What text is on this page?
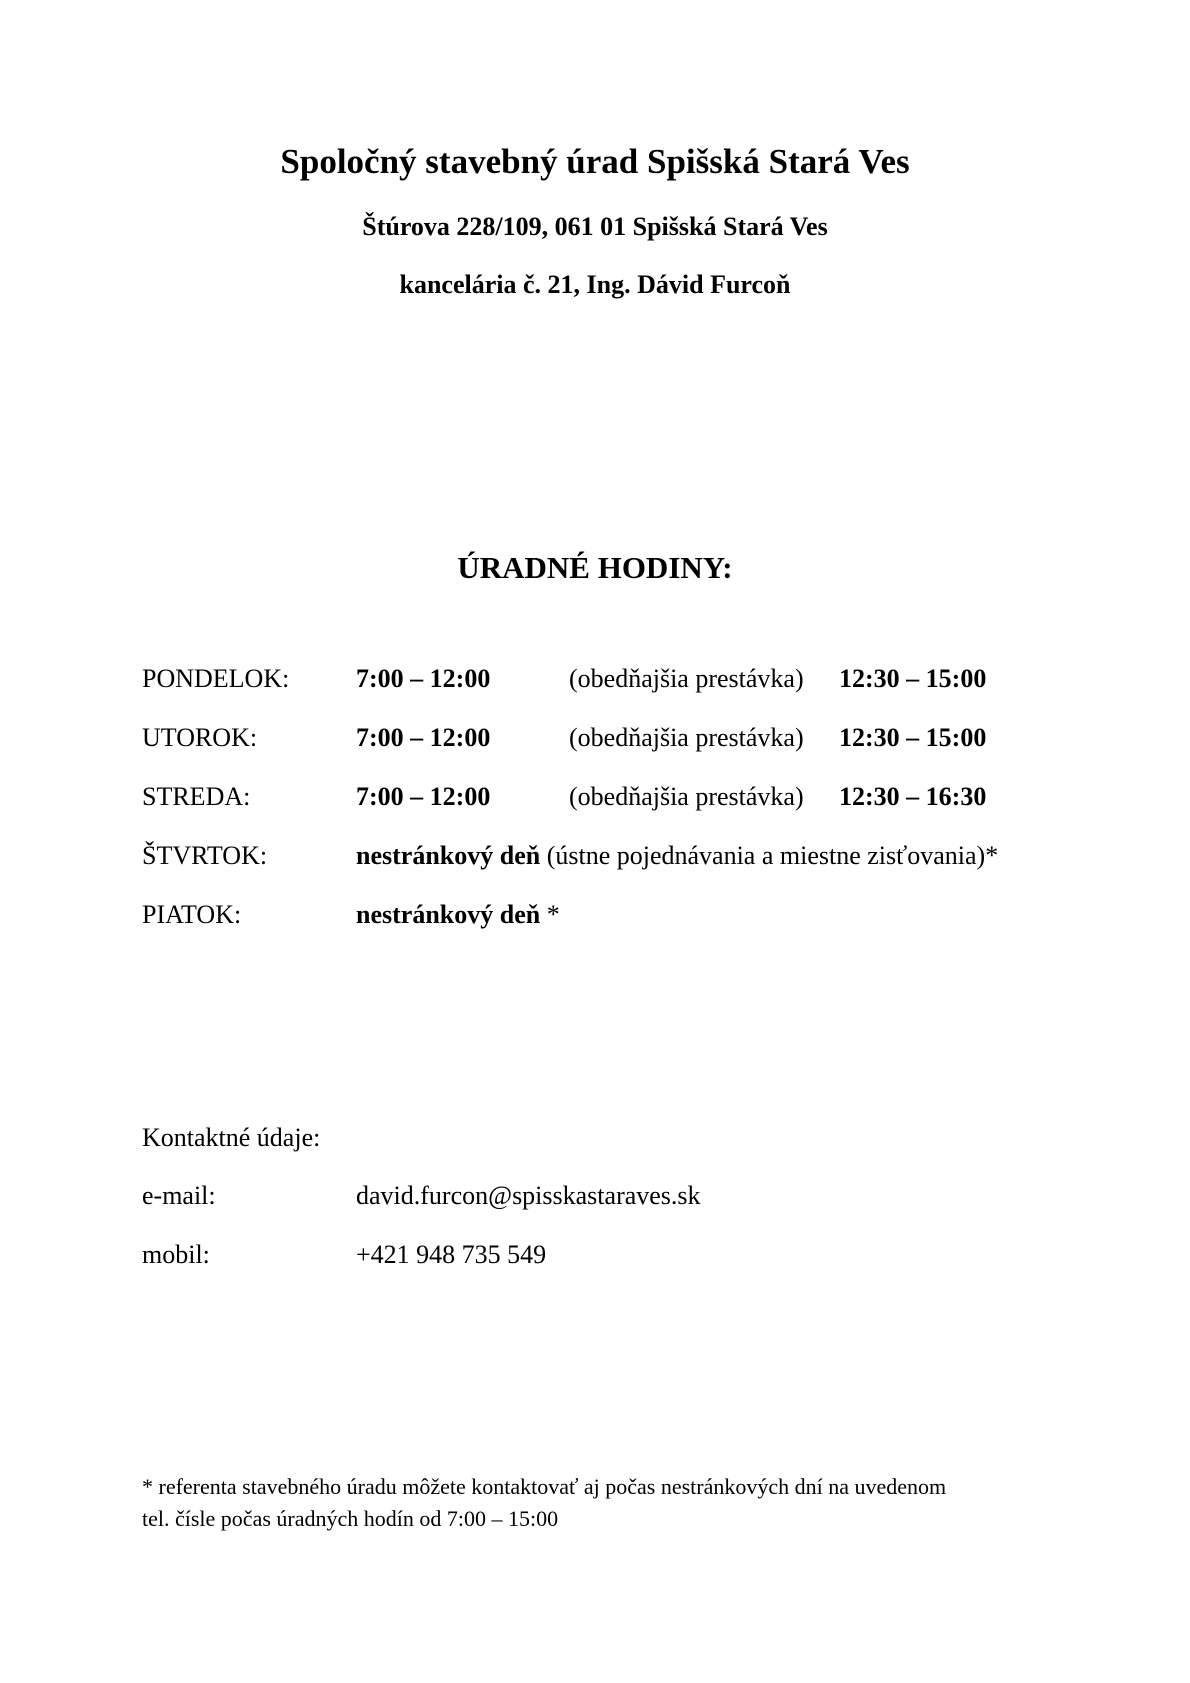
Spoločný stavebný úrad Spišská Stará Ves
Štúrova 228/109, 061 01 Spišská Stará Ves
kancelária č. 21, Ing. Dávid Furcoň
ÚRADNÉ HODINY:
PONDELOK:	7:00 – 12:00	(obedňajšia prestávka) 12:30 – 15:00
UTOROK:	7:00 – 12:00	(obedňajšia prestávka) 12:30 – 15:00
STREDA:	7:00 – 12:00	(obedňajšia prestávka) 12:30 – 16:30
ŠTVRTOK:	nestránkový deň (ústne pojednávania a miestne zisťovania)*
PIATOK:	nestránkový deň *
Kontaktné údaje:
e-mail:	david.furcon@spisskastaraves.sk
mobil:	+421 948 735 549
* referenta stavebného úradu môžete kontaktovať aj počas nestránkových dní na uvedenom
tel. čísle počas úradných hodín od 7:00 – 15:00
